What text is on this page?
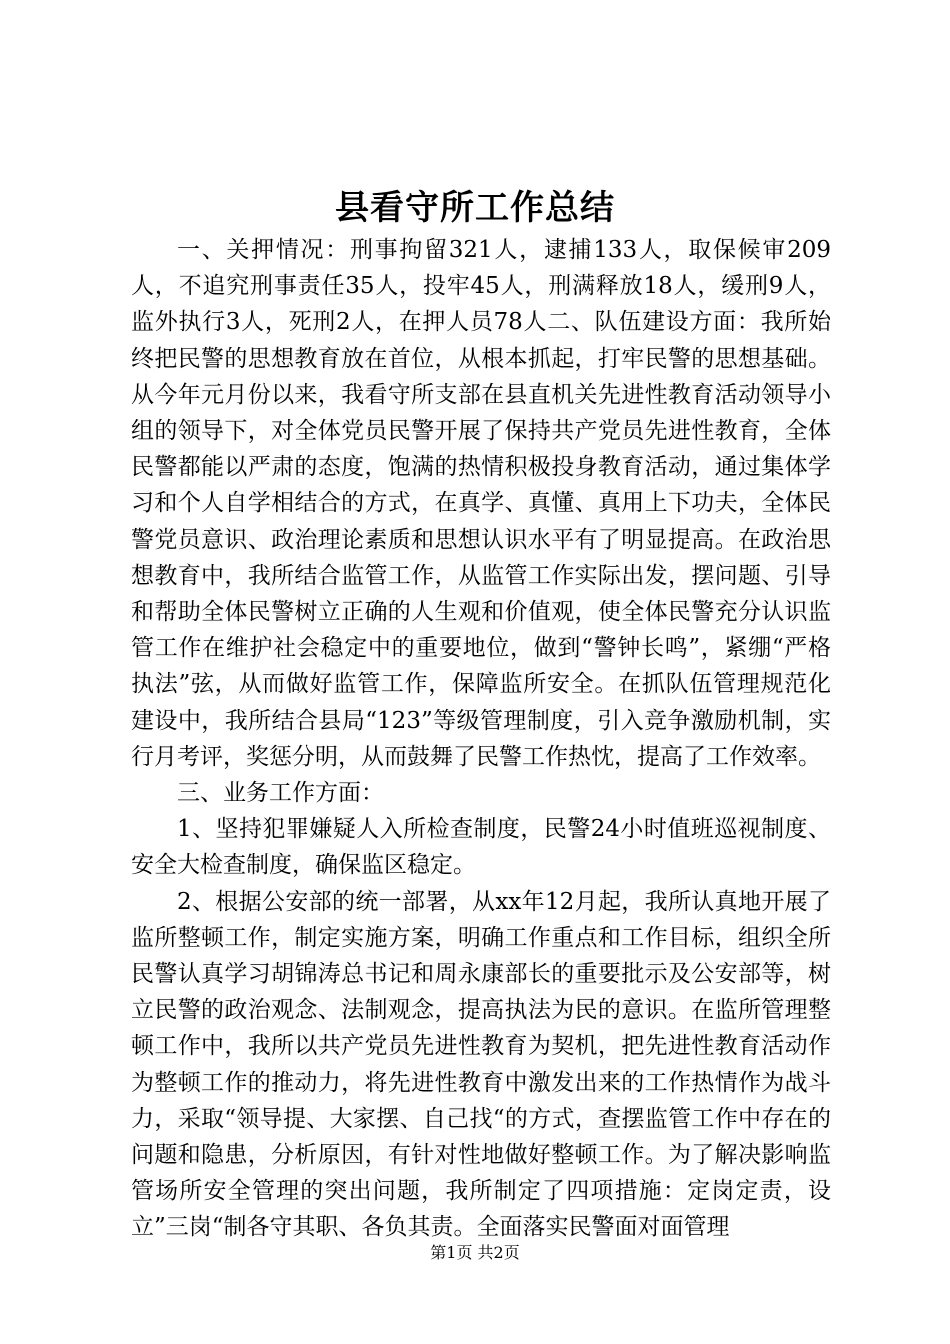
县看守所工作总结

一、关押情况：刑事拘留321人，逮捕133人，取保候审209人，不追究刑事责任35人，投牢45人，刑满释放18人，缓刑9人，监外执行3人，死刑2人，在押人员78人二、队伍建设方面：我所始终把民警的思想教育放在首位，从根本抓起，打牢民警的思想基础。从今年元月份以来，我看守所支部在县直机关先进性教育活动领导小组的领导下，对全体党员民警开展了保持共产党员先进性教育，全体民警都能以严肃的态度，饱满的热情积极投身教育活动，通过集体学习和个人自学相结合的方式，在真学、真懂、真用上下功夫，全体民警党员意识、政治理论素质和思想认识水平有了明显提高。在政治思想教育中，我所结合监管工作，从监管工作实际出发，摆问题、引导和帮助全体民警树立正确的人生观和价值观，使全体民警充分认识监管工作在维护社会稳定中的重要地位，做到“警钟长鸣”，紧绷“严格执法”弦，从而做好监管工作，保障监所安全。在抓队伍管理规范化建设中，我所结合县局“123”等级管理制度，引入竞争激励机制，实行月考评，奖惩分明，从而鼓舞了民警工作热忱，提高了工作效率。

三、业务工作方面：

1、坚持犯罪嫌疑人入所检查制度，民警24小时值班巡视制度、安全大检查制度，确保监区稳定。

2、根据公安部的统一部署，从xx年12月起，我所认真地开展了监所整顿工作，制定实施方案，明确工作重点和工作目标，组织全所民警认真学习胡锦涛总书记和周永康部长的重要批示及公安部等，树立民警的政治观念、法制观念，提高执法为民的意识。在监所管理整顿工作中，我所以共产党员先进性教育为契机，把先进性教育活动作为整顿工作的推动力，将先进性教育中激发出来的工作热情作为战斗力，采取“领导提、大家摆、自己找“的方式，查摆监管工作中存在的问题和隐患，分析原因，有针对性地做好整顿工作。为了解决影响监管场所安全管理的突出问题，我所制定了四项措施：定岗定责，设立”三岗“制各守其职、各负其责。全面落实民警面对面管理

第1页 共2页
